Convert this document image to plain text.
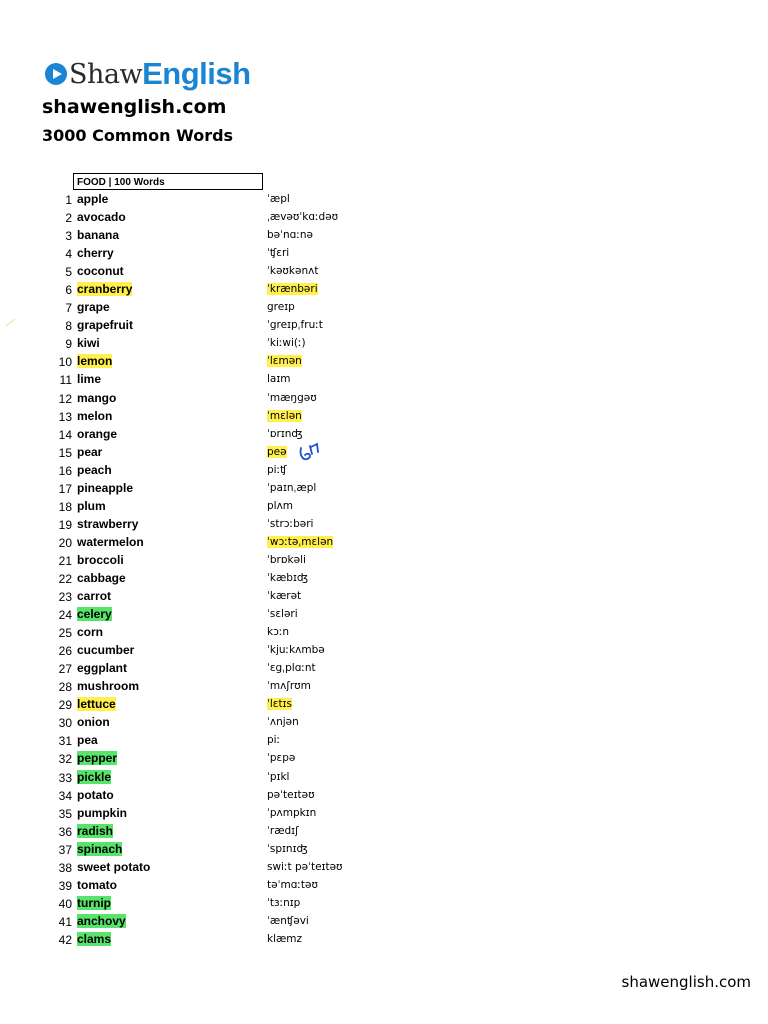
Shaw English
shawenglish.com
3000 Common Words
FOOD | 100 Words
1 apple	ˈæpl
2 avocado	ˌævəʊˈkɑːdəʊ
3 banana	bəˈnɑːnə
4 cherry	ˈʧɛri
5 coconut	ˈkəʊkənʌt
6 cranberry	ˈkrænbəri
7 grape	greɪp
8 grapefruit	ˈgreɪpˌfruːt
9 kiwi	ˈkiːwi(ː)
10 lemon	ˈlɛmən
11 lime	laɪm
12 mango	ˈmæŋgəʊ
13 melon	ˈmɛlən
14 orange	ˈɒrɪnʤ
15 pear	peə
16 peach	piːʧ
17 pineapple	ˈpaɪnˌæpl
18 plum	plʌm
19 strawberry	ˈstrɔːbəri
20 watermelon	ˈwɔːtəˌmɛlən
21 broccoli	ˈbrɒkəli
22 cabbage	ˈkæbɪʤ
23 carrot	ˈkærət
24 celery	ˈsɛləri
25 corn	kɔːn
26 cucumber	ˈkjuːkʌmbə
27 eggplant	ˈɛgˌplɑːnt
28 mushroom	ˈmʌʃrʊm
29 lettuce	ˈlɛtɪs
30 onion	ˈʌnjən
31 pea	piː
32 pepper	ˈpɛpə
33 pickle	ˈpɪkl
34 potato	pəˈteɪtəʊ
35 pumpkin	ˈpʌmpkɪn
36 radish	ˈrædɪʃ
37 spinach	ˈspɪnɪʤ
38 sweet potato	swiːt pəˈteɪtəʊ
39 tomato	təˈmɑːtəʊ
40 turnip	ˈtɜːnɪp
41 anchovy	ˈænʧəvi
42 clams	klæmz
shawenglish.com
